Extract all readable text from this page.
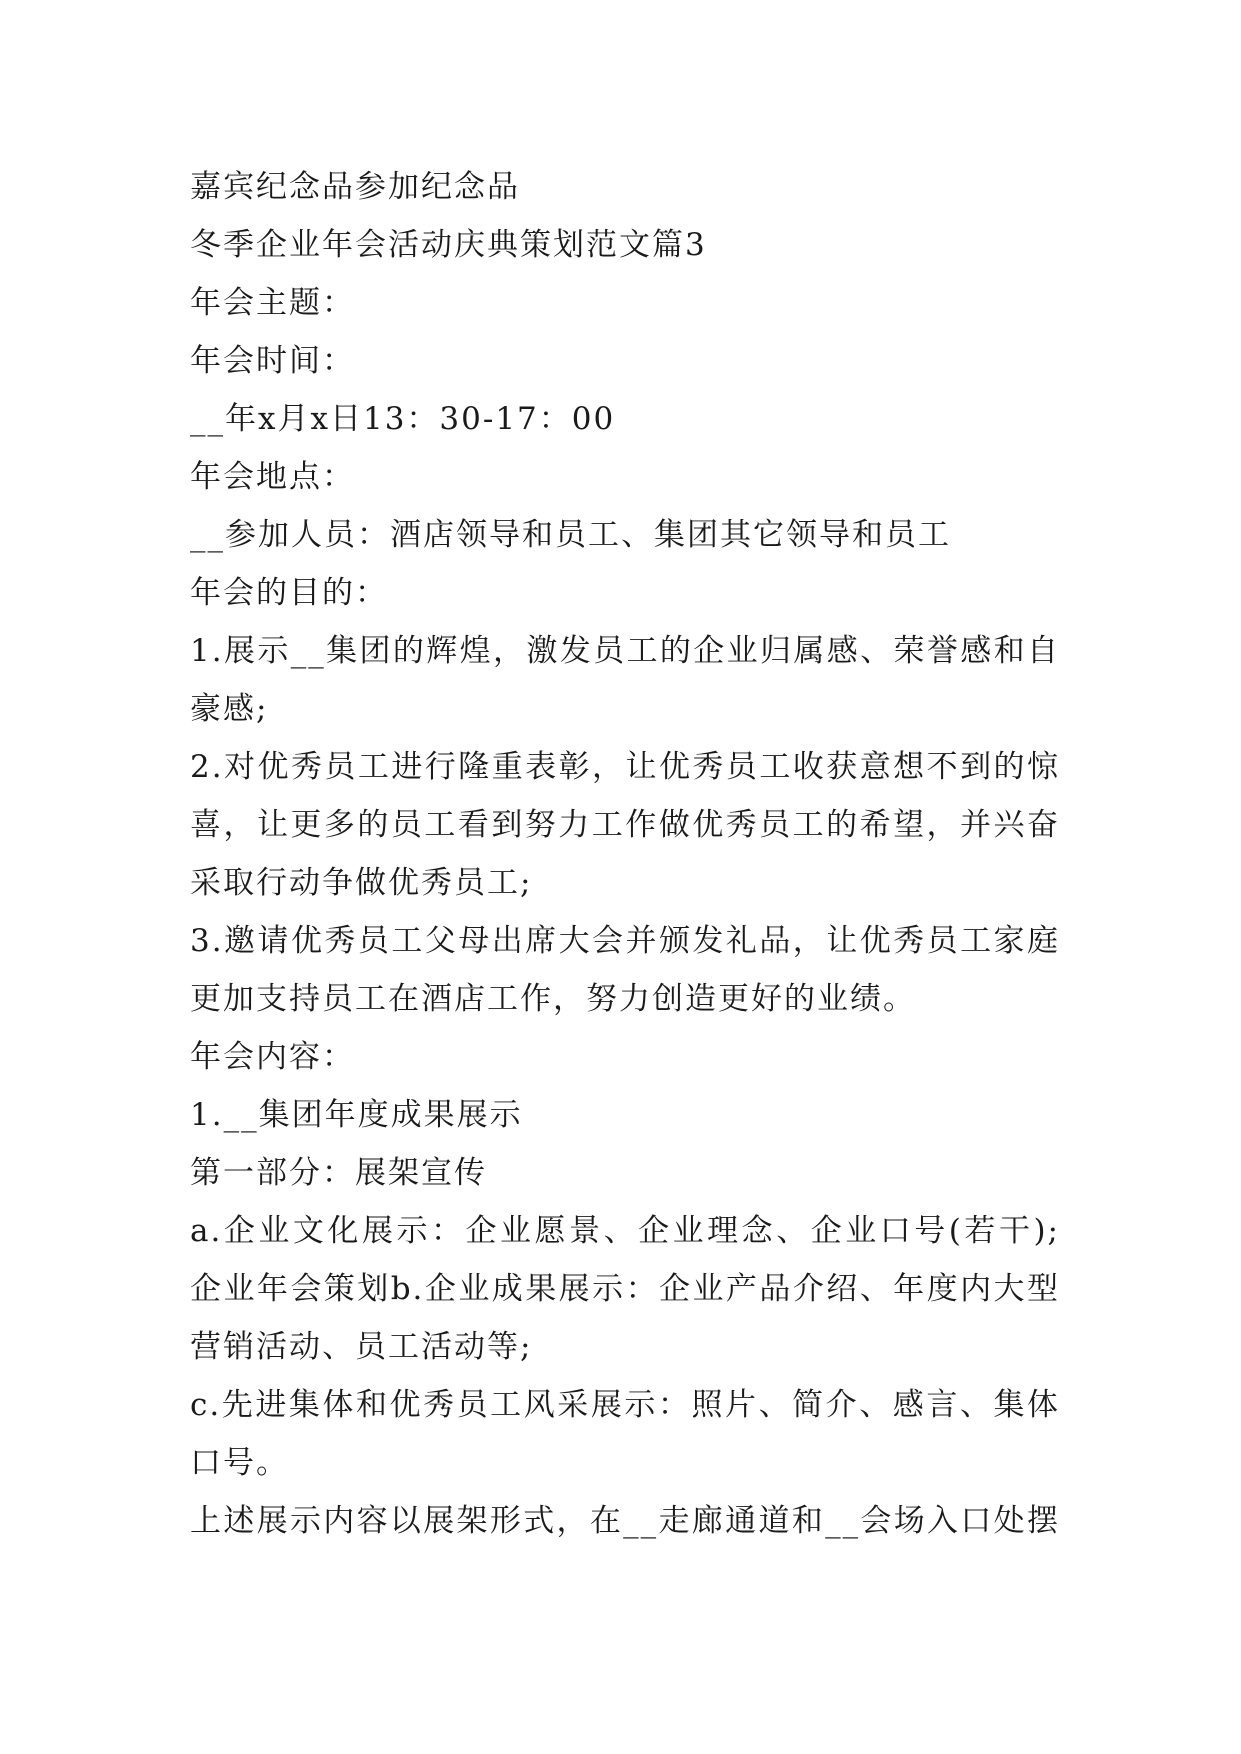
嘉宾纪念品参加纪念品
冬季企业年会活动庆典策划范文篇3
年会主题：
年会时间：
__年x月x日13：30-17：00
年会地点：
__参加人员：酒店领导和员工、集团其它领导和员工
年会的目的：
1.展示__集团的辉煌，激发员工的企业归属感、荣誉感和自
豪感;
2.对优秀员工进行隆重表彰，让优秀员工收获意想不到的惊
喜，让更多的员工看到努力工作做优秀员工的希望，并兴奋
采取行动争做优秀员工;
3.邀请优秀员工父母出席大会并颁发礼品，让优秀员工家庭
更加支持员工在酒店工作，努力创造更好的业绩。
年会内容：
1.__集团年度成果展示
第一部分：展架宣传
a.企业文化展示：企业愿景、企业理念、企业口号(若干);
企业年会策划b.企业成果展示：企业产品介绍、年度内大型
营销活动、员工活动等;
c.先进集体和优秀员工风采展示：照片、简介、感言、集体
口号。
上述展示内容以展架形式，在__走廊通道和__会场入口处摆
